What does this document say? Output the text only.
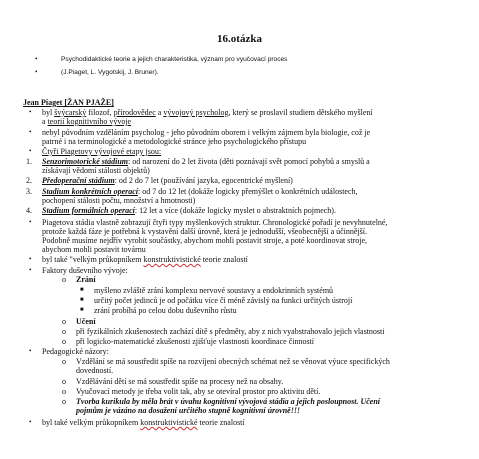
16.otázka
•	Psychodidaktické teorie a jejich charakteristika, význam pro vyučovací proces
•	(J.Piaget, L. Vygotskij, J. Bruner).
Jean Piaget [ŽAN PJAŽE]
• byl švýcarský filozof, přírodovědec a vývojový psycholog, který se proslavil studiem dětského myšlení
a teorií kognitivního vývoje
• nebyl původním vzděláním psycholog - jeho původním oborem i velkým zájmem byla biologie, což je
patrné i na terminologické a metodologické stránce jeho psychologického přístupu
• Čtyři Piagetovy vývojové etapy jsou:
1. Senzorimotorické stádium: od narození do 2 let života (děti poznávají svět pomocí pohybů a smyslů a
získávají vědomí stálosti objektů)
2. Předoperační stádium: od 2 do 7 let (používání jazyka, egocentrické myšlení)
3. Stadium konkrétních operací: od 7 do 12 let (dokáže logicky přemýšlet o konkrétních událostech,
pochopení stálosti počtu, množství a hmotnosti)
4. Stadium formálních operací: 12 let a více (dokáže logicky myslet o abstraktních pojmech).
• Piagetova stádia vlastně zobrazují čtyři typy myšlenkových struktur. Chronologické pořadí je nevyhnutelné,
protože každá fáze je potřebná k vystavění další úrovně, která je jednodušší, všeobecnější a účinnější.
Podobně musíme nejdřív vyrobit součástky, abychom mohli postavit stroje, a poté koordinovat stroje,
abychom mohli postavit továrnu
• byl také "velkým průkopníkem konstruktivistické teorie znalostí
• Faktory duševního vývoje:
o Zrání
■ myšleno zvláště zrání komplexu nervové soustavy a endokrinních systémů
■ určitý počet jedinců je od počátku více či méně závislý na funkci určitých ústrojí
■ zrání probíhá po celou dobu duševního růstu
o Učení
o při fyzikálních zkušenostech zachází dítě s předměty, aby z nich vyabstrahovalo jejich vlastnosti
o při logicko-matematické zkušenosti zjišťuje vlastnosti koordinace činností
• Pedagogické názory:
o Vzdělání se má soustředit spíše na rozvíjení obecných schémat než se věnovat výuce specifických
dovedností.
o Vzdělávání dětí se má soustředit spíše na procesy než na obsahy.
o Vyučovací metody je třeba volit tak, aby se otevíral prostor pro aktivitu dětí.
o Tvorba kurikula by měla brát v úvahu kognitivní vývojová stádia a jejich posloupnost. Učení
pojmům je vázáno na dosažení určitého stupně kognitivní úrovně!!!
• byl také velkým průkopníkem konstruktivistické teorie znalostí
